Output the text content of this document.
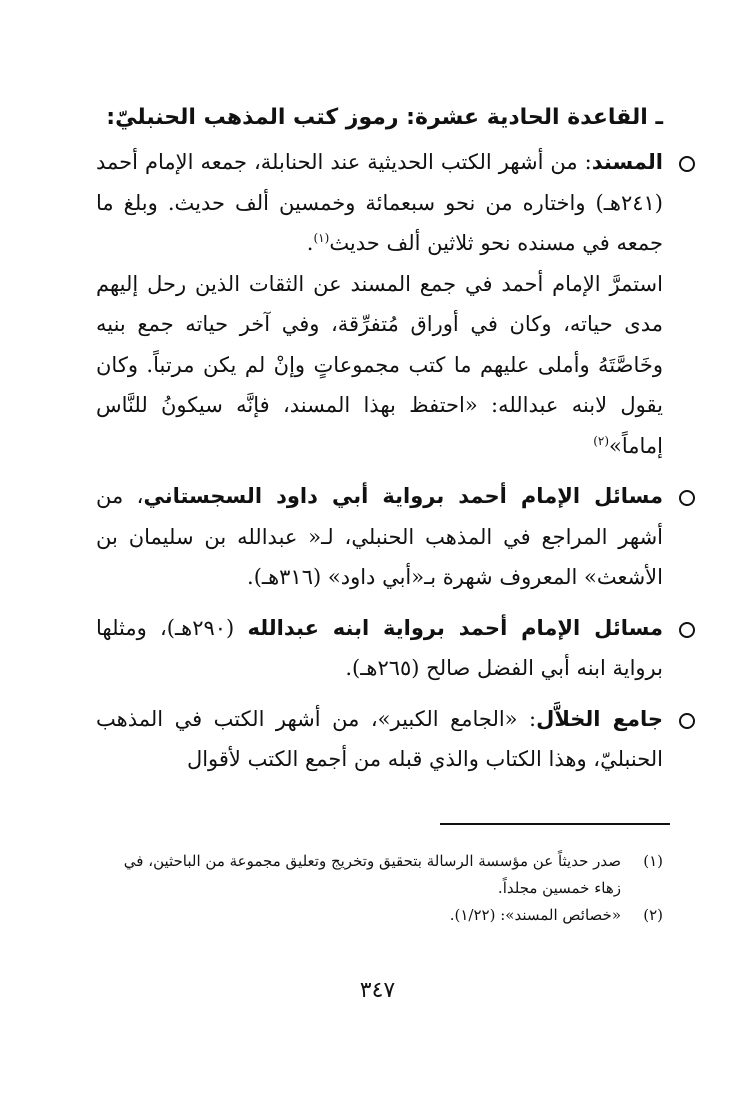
ـ القاعدة الحادية عشرة: رموز كتب المذهب الحنبليّ:
المسند: من أشهر الكتب الحديثية عند الحنابلة، جمعه الإمام أحمد (٢٤١هـ) واختاره من نحو سبعمائة وخمسين ألف حديث. وبلغ ما جمعه في مسنده نحو ثلاثين ألف حديث$^{(١)}$.
استمرَّ الإمام أحمد في جمع المسند عن الثقات الذين رحل إليهم مدى حياته، وكان في أوراق مُتفرِّقة، وفي آخر حياته جمع بنيه وخَاصَّتَهُ وأملى عليهم ما كتب مجموعاتٍ وإنْ لم يكن مرتباً. وكان يقول لابنه عبدالله: «احتفظ بهذا المسند، فإنَّه سيكونُ للنَّاس إماماً»$^{(٢)}$
مسائل الإمام أحمد برواية أبي داود السجستاني، من أشهر المراجع في المذهب الحنبلي، لـ« عبدالله بن سليمان بن الأشعث» المعروف شهرة بـ«أبي داود» (٣١٦هـ).
مسائل الإمام أحمد برواية ابنه عبدالله (٢٩٠هـ)، ومثلها برواية ابنه أبي الفضل صالح (٢٦٥هـ).
جامع الخلاَّل: «الجامع الكبير»، من أشهر الكتب في المذهب الحنبليّ، وهذا الكتاب والذي قبله من أجمع الكتب لأقوال
(١)
صدر حديثاً عن مؤسسة الرسالة بتحقيق وتخريج وتعليق مجموعة من الباحثين، في زهاء خمسين مجلداً.
(٢)
«خصائص المسند»: (١/٢٢).
٣٤٧
